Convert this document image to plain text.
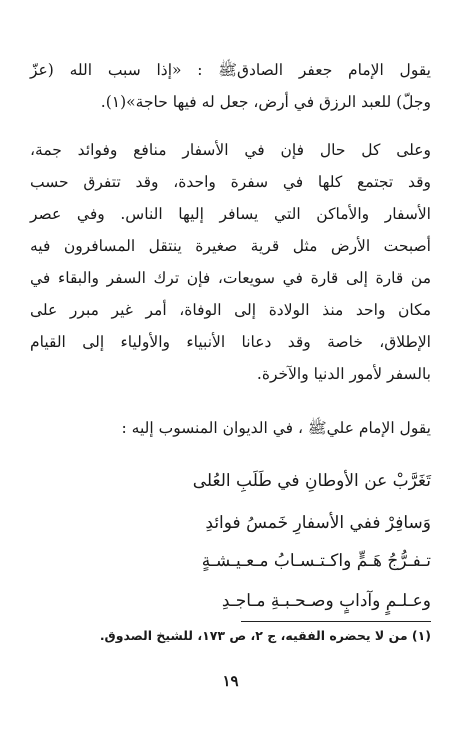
يقول الإمام جعفر الصادقﷺ : «إذا سبب الله (عزّ
وجلّ) للعبد الرزق في أرض، جعل له فيها حاجة»(١).
وعلى كل حال فإن في الأسفار منافع وفوائد جمة،
وقد تجتمع كلها في سفرة واحدة، وقد تتفرق حسب
الأسفار والأماكن التي يسافر إليها الناس. وفي عصر
أصبحت الأرض مثل قرية صغيرة ينتقل المسافرون فيه
من قارة إلى قارة في سويعات، فإن ترك السفر والبقاء في
مكان واحد منذ الولادة إلى الوفاة، أمر غير مبرر على
الإطلاق، خاصة وقد دعانا الأنبياء والأولياء إلى القيام
بالسفر لأمور الدنيا والآخرة.
يقول الإمام عليﷺ ، في الديوان المنسوب إليه :
تَغَرَّبْ عن الأوطانِ في طَلَبِ العُلى
وَسافِرْ ففي الأسفارِ خَمسُ فوائدِ
تـفـرُّجُ هَـمٍّ واكـتـسـابُ مـعـيـشـةٍ
وعـلـمٍ وآدابٍ وصـحـبـةِ مـاجـدِ
(١) من لا يحضره الفقيه، ج ٢، ص ١٧٣، للشيخ الصدوق.
١٩
